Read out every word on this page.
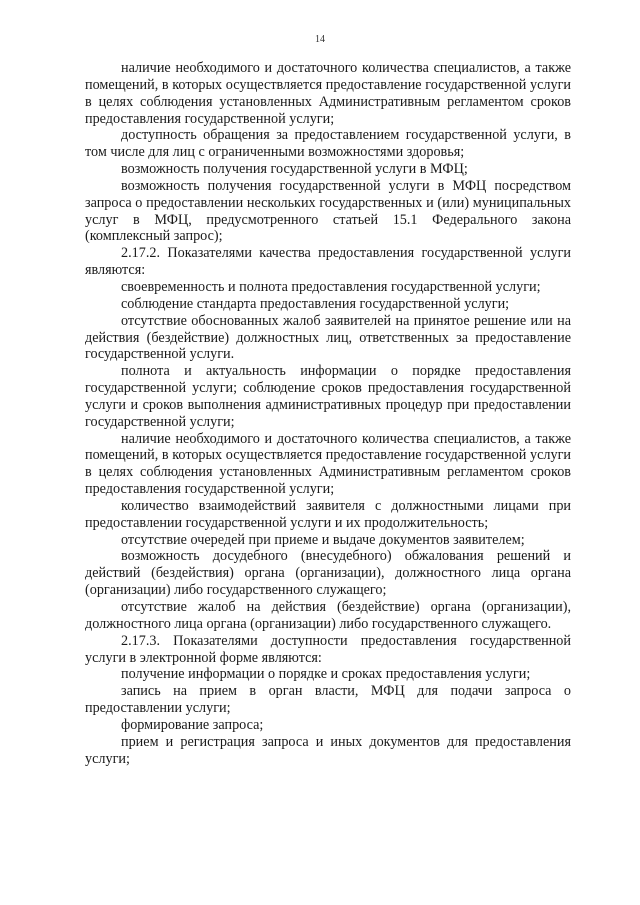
14

наличие необходимого и достаточного количества специалистов, а также помещений, в которых осуществляется предоставление государственной услуги в целях соблюдения установленных Административным регламентом сроков предоставления государственной услуги;

доступность обращения за предоставлением государственной услуги, в том числе для лиц с ограниченными возможностями здоровья;

возможность получения государственной услуги в МФЦ;

возможность получения государственной услуги в МФЦ посредством запроса о предоставлении нескольких государственных и (или) муниципальных услуг в МФЦ, предусмотренного статьей 15.1 Федерального закона (комплексный запрос);

2.17.2. Показателями качества предоставления государственной услуги являются:

своевременность и полнота предоставления государственной услуги;

соблюдение стандарта предоставления государственной услуги;

отсутствие обоснованных жалоб заявителей на принятое решение или на действия (бездействие) должностных лиц, ответственных за предоставление государственной услуги.

полнота и актуальность информации о порядке предоставления государственной услуги; соблюдение сроков предоставления государственной услуги и сроков выполнения административных процедур при предоставлении государственной услуги;

наличие необходимого и достаточного количества специалистов, а также помещений, в которых осуществляется предоставление государственной услуги в целях соблюдения установленных Административным регламентом сроков предоставления государственной услуги;

количество взаимодействий заявителя с должностными лицами при предоставлении государственной услуги и их продолжительность;

отсутствие очередей при приеме и выдаче документов заявителем;

возможность досудебного (внесудебного) обжалования решений и действий (бездействия) органа (организации), должностного лица органа (организации) либо государственного служащего;

отсутствие жалоб на действия (бездействие) органа (организации), должностного лица органа (организации) либо государственного служащего.

2.17.3. Показателями доступности предоставления государственной услуги в электронной форме являются:

получение информации о порядке и сроках предоставления услуги;

запись на прием в орган власти, МФЦ для подачи запроса о предоставлении услуги;

формирование запроса;

прием и регистрация запроса и иных документов для предоставления услуги;
